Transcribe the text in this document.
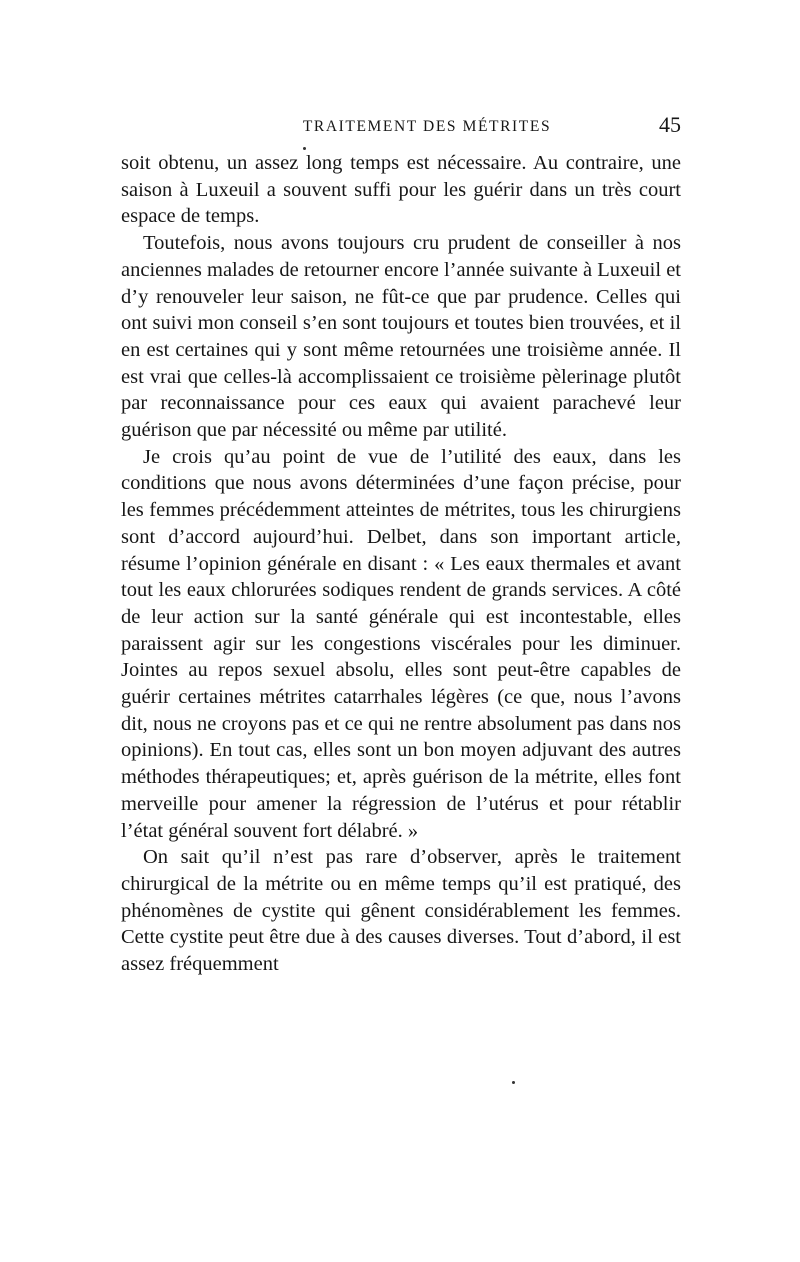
TRAITEMENT DES MÉTRITES	45

soit obtenu, un assez long temps est nécessaire. Au contraire, une saison à Luxeuil a souvent suffi pour les guérir dans un très court espace de temps.

Toutefois, nous avons toujours cru prudent de conseiller à nos anciennes malades de retourner encore l’année suivante à Luxeuil et d’y renouveler leur saison, ne fût-ce que par prudence. Celles qui ont suivi mon conseil s’en sont toujours et toutes bien trouvées, et il en est certaines qui y sont même retournées une troisième année. Il est vrai que celles-là accomplissaient ce troisième pèlerinage plutôt par reconnaissance pour ces eaux qui avaient parachevé leur guérison que par nécessité ou même par utilité.

Je crois qu’au point de vue de l’utilité des eaux, dans les conditions que nous avons déterminées d’une façon précise, pour les femmes précédemment atteintes de métrites, tous les chirurgiens sont d’accord aujourd’hui. Delbet, dans son important article, résume l’opinion générale en disant : « Les eaux thermales et avant tout les eaux chlorurées sodiques rendent de grands services. A côté de leur action sur la santé générale qui est incontestable, elles paraissent agir sur les congestions viscérales pour les diminuer. Jointes au repos sexuel absolu, elles sont peut-être capables de guérir certaines métrites catarrhales légères (ce que, nous l’avons dit, nous ne croyons pas et ce qui ne rentre absolument pas dans nos opinions). En tout cas, elles sont un bon moyen adjuvant des autres méthodes thérapeutiques; et, après guérison de la métrite, elles font merveille pour amener la régression de l’utérus et pour rétablir l’état général souvent fort délabré. »

On sait qu’il n’est pas rare d’observer, après le traitement chirurgical de la métrite ou en même temps qu’il est pratiqué, des phénomènes de cystite qui gênent considérablement les femmes. Cette cystite peut être due à des causes diverses. Tout d’abord, il est assez fréquemment
